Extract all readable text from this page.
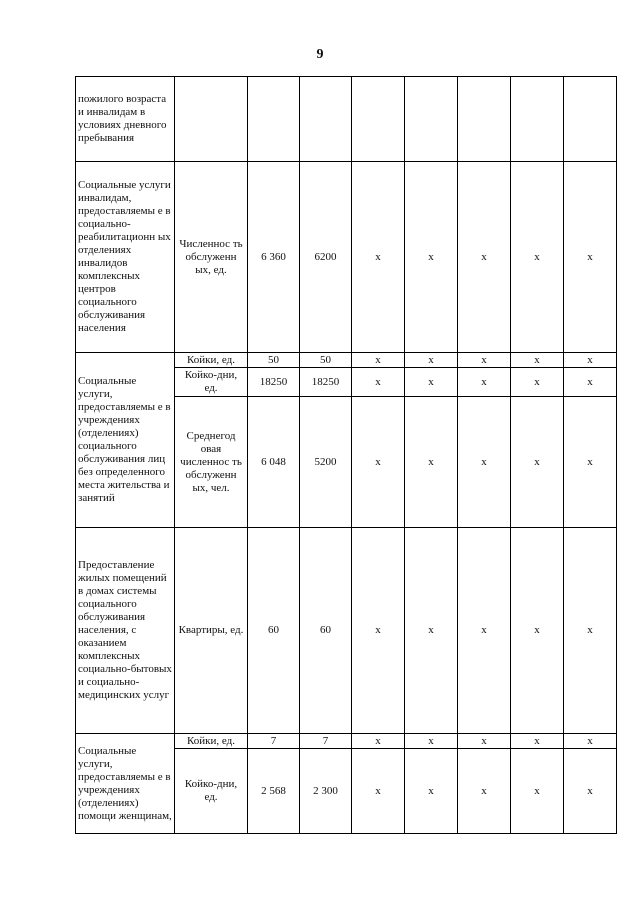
9
пожилого возраста и инвалидам в условиях дневного пребывания								
Социальные услуги инвалидам, предоставляемы е в социально-реабилитационн ых отделениях инвалидов комплексных центров социального обслуживания населения	Численнос ть обслуженн ых, ед.	6 360	6200	x	x	x	x	x
Социальные услуги, предоставляемы е в учреждениях (отделениях) социального обслуживания лиц без определенного места жительства и занятий	Койки, ед.	50	50	x	x	x	x	x
	Койко-дни, ед.	18250	18250	x	x	x	x	x
	Среднегод овая численнос ть обслуженн ых, чел.	6 048	5200	x	x	x	x	x
Предоставление жилых помещений в домах системы социального обслуживания населения, с оказанием комплексных социально-бытовых и социально-медицинских услуг	Квартиры, ед.	60	60	x	x	x	x	x
Социальные услуги, предоставляемы е в учреждениях (отделениях) помощи женщинам,	Койки, ед.	7	7	x	x	x	x	x
	Койко-дни, ед.	2 568	2 300	x	x	x	x	x
